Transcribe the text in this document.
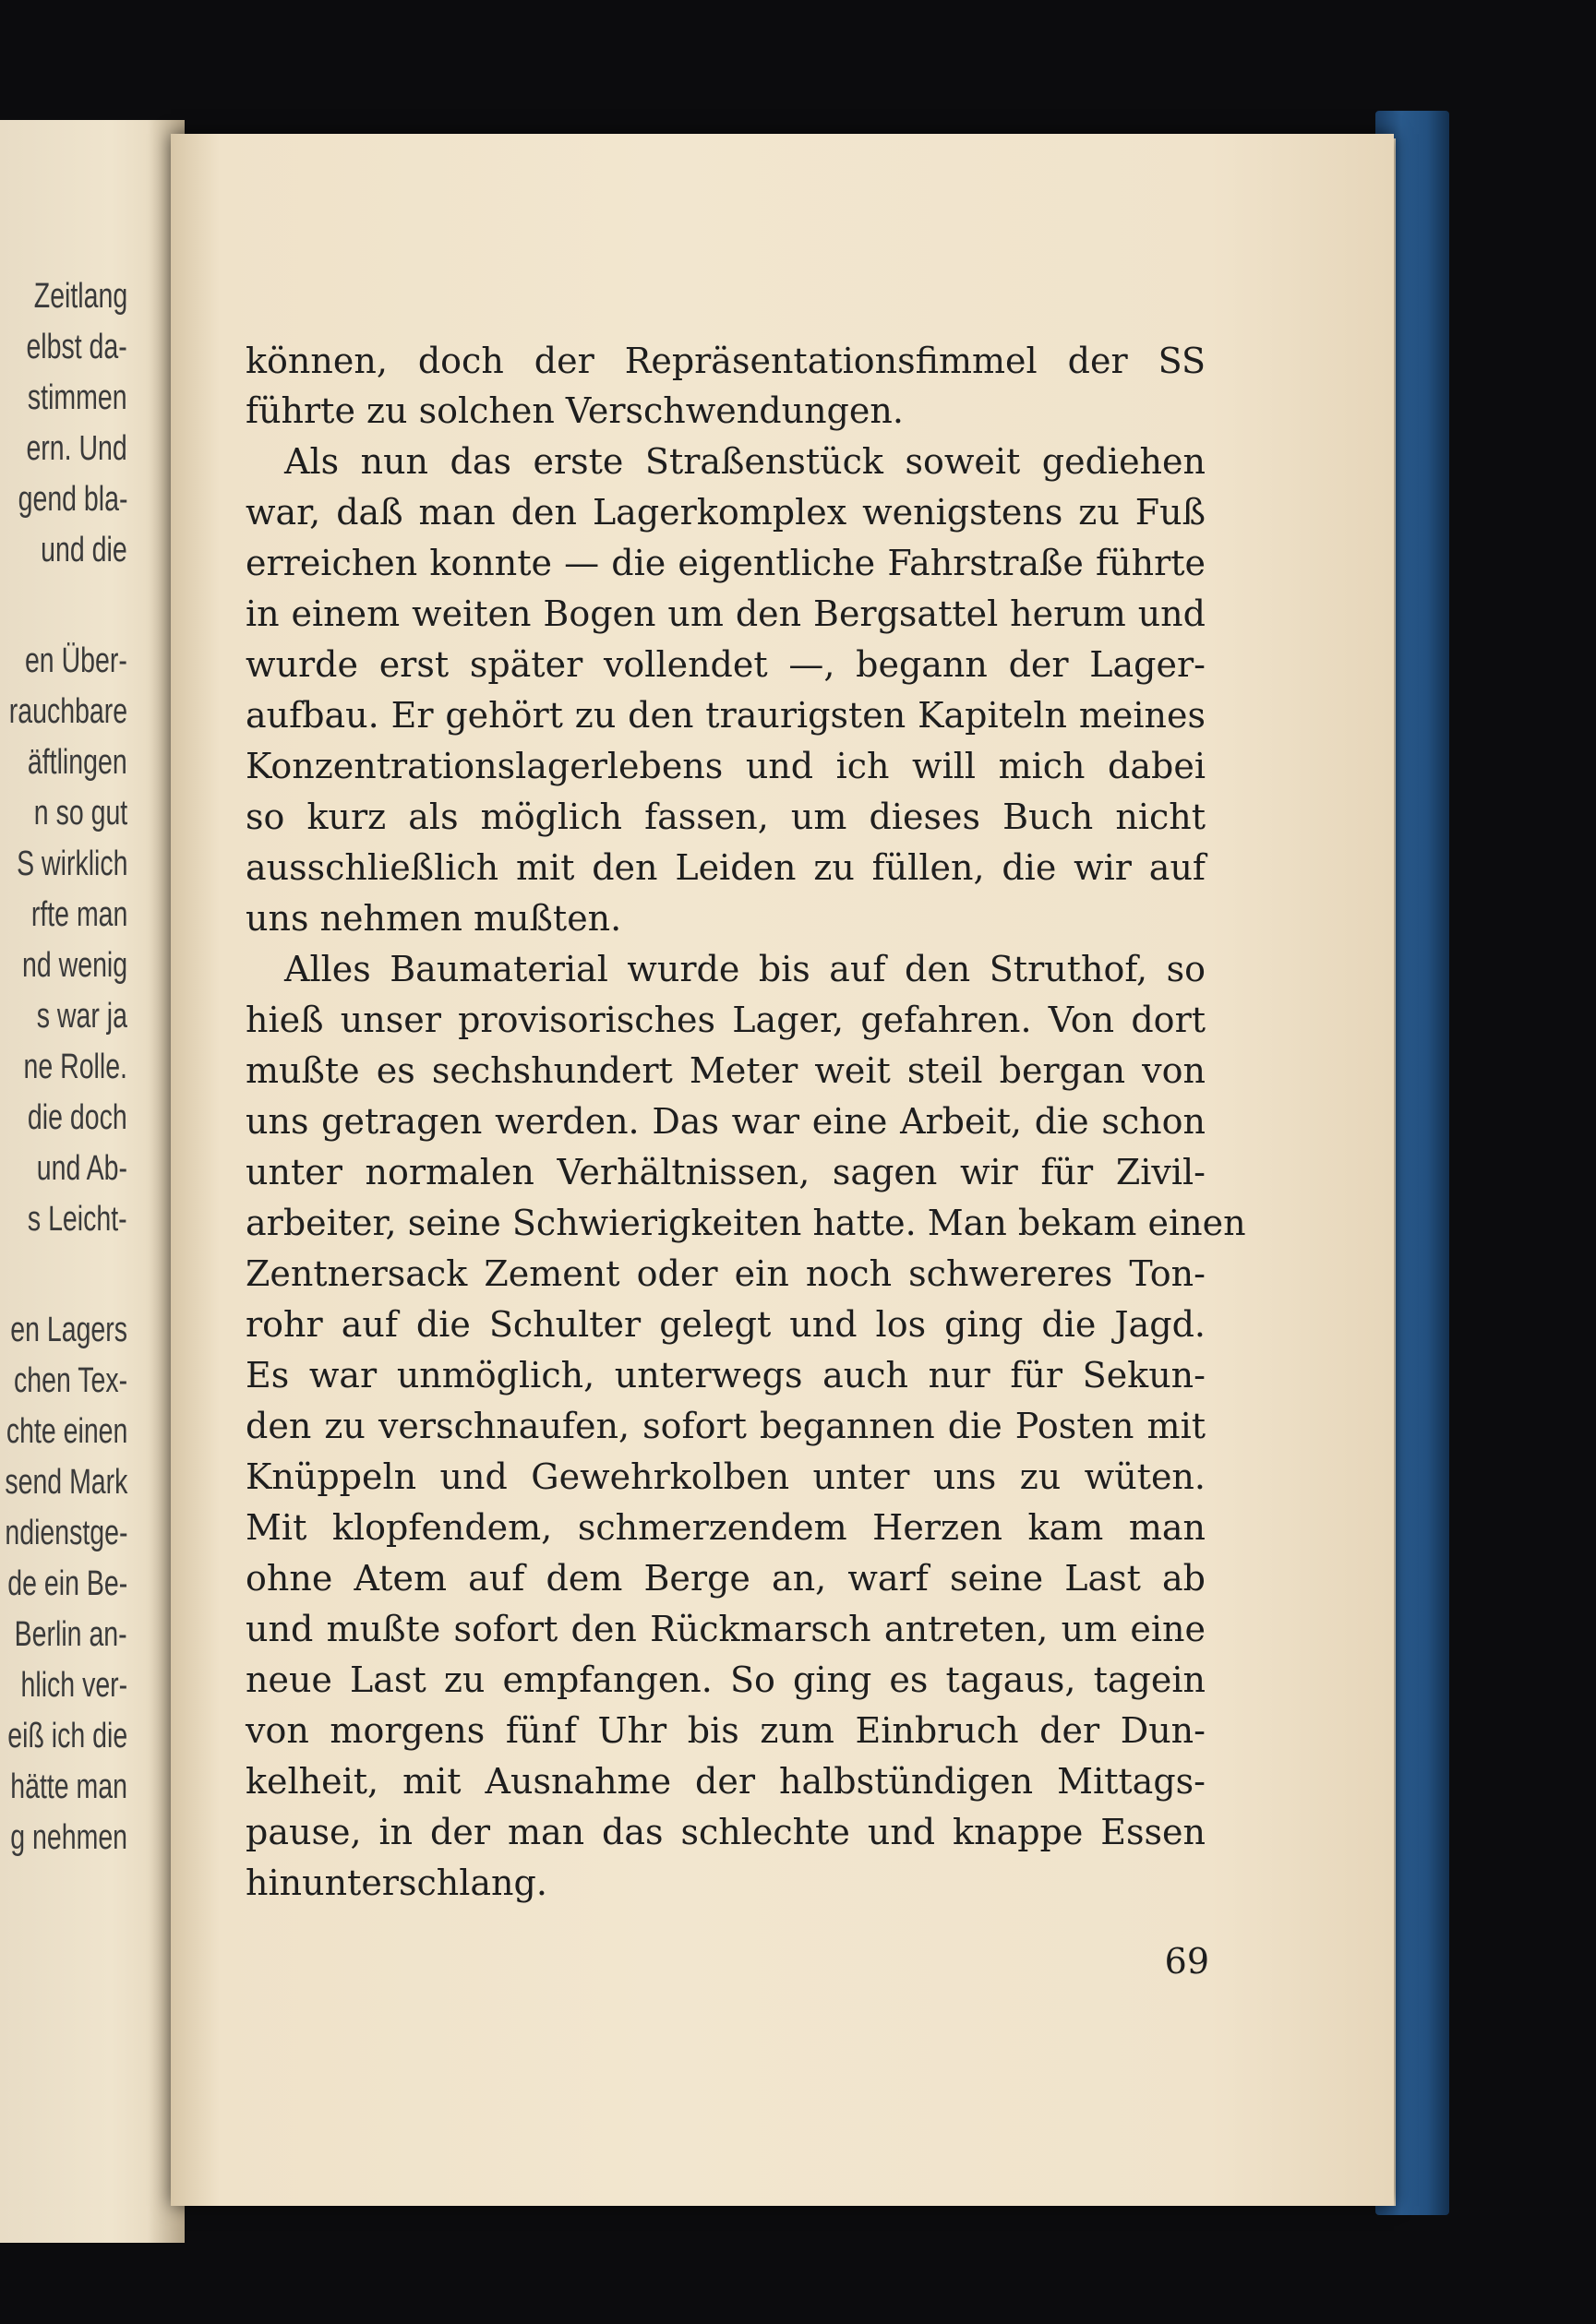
Zeitlang
elbst da-
stimmen
ern. Und
gend bla-
und die
en Über-
rauchbare
äftlingen
n so gut
S wirklich
rfte man
nd wenig
s war ja
ne Rolle.
die doch
und Ab-
s Leicht-
en Lagers
chen Tex-
chte einen
send Mark
ndienstge-
de ein Be-
Berlin an-
hlich ver-
eiß ich die
hätte man
g nehmen
können, doch der Repräsentationsfimmel der SS
führte zu solchen Verschwendungen.
Als nun das erste Straßenstück soweit gediehen
war, daß man den Lagerkomplex wenigstens zu Fuß
erreichen konnte — die eigentliche Fahrstraße führte
in einem weiten Bogen um den Bergsattel herum und
wurde erst später vollendet —, begann der Lager-
aufbau. Er gehört zu den traurigsten Kapiteln meines
Konzentrationslagerlebens und ich will mich dabei
so kurz als möglich fassen, um dieses Buch nicht
ausschließlich mit den Leiden zu füllen, die wir auf
uns nehmen mußten.
Alles Baumaterial wurde bis auf den Struthof, so
hieß unser provisorisches Lager, gefahren. Von dort
mußte es sechshundert Meter weit steil bergan von
uns getragen werden. Das war eine Arbeit, die schon
unter normalen Verhältnissen, sagen wir für Zivil-
arbeiter, seine Schwierigkeiten hatte. Man bekam einen
Zentnersack Zement oder ein noch schwereres Ton-
rohr auf die Schulter gelegt und los ging die Jagd.
Es war unmöglich, unterwegs auch nur für Sekun-
den zu verschnaufen, sofort begannen die Posten mit
Knüppeln und Gewehrkolben unter uns zu wüten.
Mit klopfendem, schmerzendem Herzen kam man
ohne Atem auf dem Berge an, warf seine Last ab
und mußte sofort den Rückmarsch antreten, um eine
neue Last zu empfangen. So ging es tagaus, tagein
von morgens fünf Uhr bis zum Einbruch der Dun-
kelheit, mit Ausnahme der halbstündigen Mittags-
pause, in der man das schlechte und knappe Essen
hinunterschlang.
69
